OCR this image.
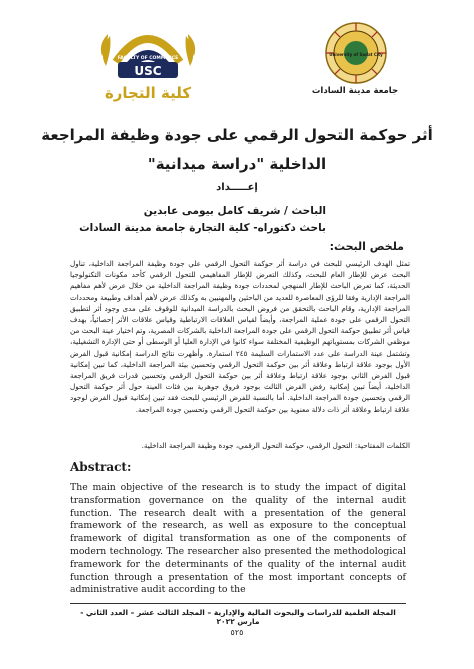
USC
FACULTY OF COMMERCE
كلية التجارة
University of Sadat City
جامعة مدينة السادات
أثر حوكمة التحول الرقمي على جودة وظيفة المراجعة
الداخلية "دراسة ميدانية"
إعـــــداد
الباحث / شريف كامل بيومى عابدين
باحث دكتوراه- كلية التجارة جامعة مدينة السادات
ملخص البحث:
تمثل الهدف الرئيسي للبحث في دراسة أثر حوكمة التحول الرقمي علي جودة وظيفة المراجعة الداخلية، تناول البحث عرض للإطار العام للبحث، وكذلك التعرض للإطار المفاهيمي للتحول الرقمي كأحد مكونات التكنولوجيا الحديثة، كما تعرض الباحث للإطار المنهجي لمحددات جودة وظيفة المراجعة الداخلية من خلال عرض لأهم مفاهيم المراجعة الإدارية وفقا للرؤى المعاصرة للعديد من الباحثين والمهنيين به وكذلك عرض لأهم أهداف وطبيعة ومحددات المراجعة الإدارية، وقام الباحث بالتحقق من فروض البحث بالدراسة الميدانية للوقوف على مدى وجود أثر لتطبيق التحول الرقمي على جودة عملية المراجعة، وأيضاً لقياس العلاقات الارتباطية وقياس علاقات الأثر إحصائياً، بهدف قياس أثر تطبيق حوكمة التحول الرقمي على جودة المراجعة الداخلية بالشركات المصرية، وتم اختيار عينة البحث من موظفي الشركات بمستوياتهم الوظيفية المختلفة سواء كانوا في الإدارة العليا أو الوسطى أو حتى الإدارة التشغيلية، وتشتمل عينة الدراسة على عدد الاستمارات السليمة ٢٤٥ استمارة. وأظهرت نتائج الدراسة إمكانية قبول الفرض الأول بوجود علاقة ارتباط وعلاقة أثر بين حوكمة التحول الرقمي وتحسين بيئة المراجعة الداخلية، كما تبين إمكانية قبول الفرض الثاني بوجود علاقة ارتباط وعلاقة أثر بين حوكمة التحول الرقمي وتحسين قدرات فريق المراجعة الداخلية، أيضاً تبين إمكانية رفض الفرض الثالث بوجود فروق جوهرية بين فئات العينة حول أثر حوكمة التحول الرقمي وتحسين جودة المراجعة الداخلية. أما بالنسبة للفرض الرئيسي للبحث فقد تبين إمكانية قبول الفرض لوجود علاقة ارتباط وعلاقة أثر ذات دلالة معنوية بين حوكمة التحول الرقمي وتحسين جودة المراجعة.
الكلمات المفتاحية: التحول الرقمي، حوكمة التحول الرقمي، جودة وظيفة المراجعة الداخلية.
Abstract:
The main objective of the research is to study the impact of digital transformation governance on the quality of the internal audit function. The research dealt with a presentation of the general framework of the research, as well as exposure to the conceptual framework of digital transformation as one of the components of modern technology. The researcher also presented the methodological framework for the determinants of the quality of the internal audit function through a presentation of the most important concepts of administrative audit according to the
المجلة العلمية للدراسات والبحوث المالية والإدارية – المجلد الثالث عشر – العدد الثاني - مارس ٢٠٢٢
٥٢٥
